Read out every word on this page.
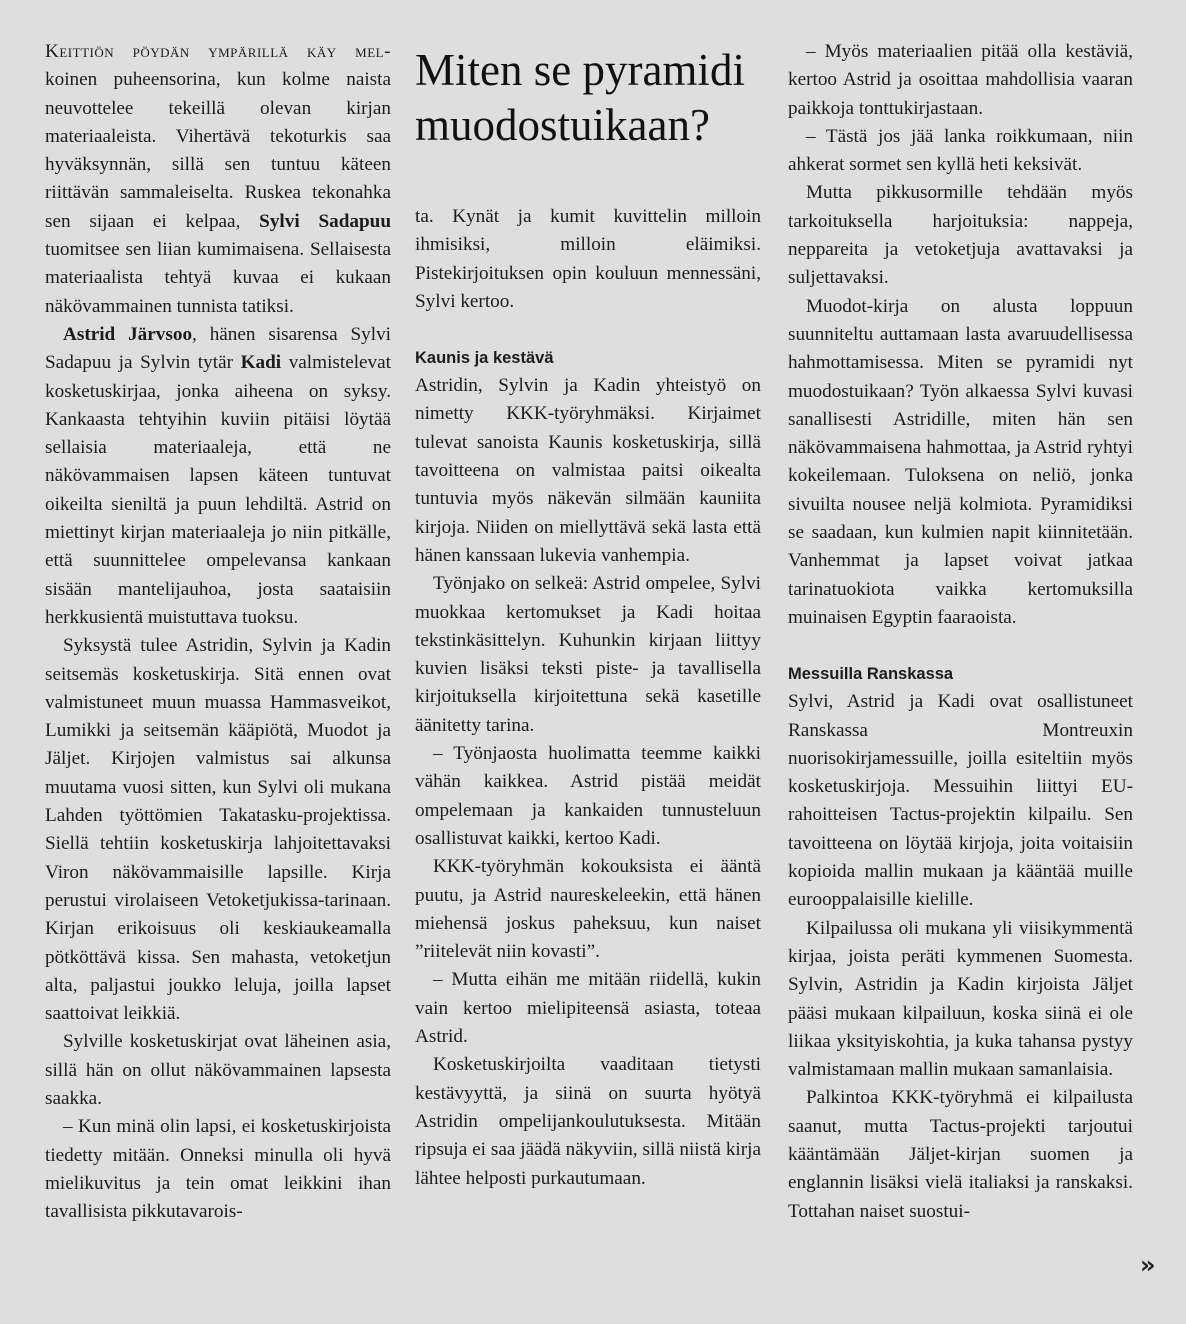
Keittiön pöydän ympärillä käy mel- koinen puheensorina, kun kolme naista neuvottelee tekeillä olevan kirjan materiaaleista. Vihertävä tekoturkis saa hyväksynnän, sillä sen tuntuu käteen riittävän sammaleiselta. Ruskea tekonahka sen sijaan ei kelpaa, Sylvi Sadapuu tuomitsee sen liian kumimaisena. Sellaisesta materiaalista tehtyä kuvaa ei kukaan näkövammainen tunnista tatiksi.

Astrid Järvsoo, hänen sisarensa Sylvi Sadapuu ja Sylvin tytär Kadi valmistelevat kosketuskirjaa, jonka aiheena on syksy. Kankaasta tehtyihin kuviin pitäisi löytää sellaisia materiaaleja, että ne näkövammaisen lapsen käteen tuntuvat oikeilta sieniltä ja puun lehdiltä. Astrid on miettinyt kirjan materiaaleja jo niin pitkälle, että suunnittelee ompelevansa kankaan sisään mantelijauhoa, josta saataisiin herkkusientä muistuttava tuoksu.

Syksystä tulee Astridin, Sylvin ja Kadin seitsemäs kosketuskirja. Sitä ennen ovat valmistuneet muun muassa Hammasveikot, Lumikki ja seitsemän kääpiötä, Muodot ja Jäljet. Kirjojen valmistus sai alkunsa muutama vuosi sitten, kun Sylvi oli mukana Lahden työttömien Takatasku-projektissa. Siellä tehtiin kosketuskirja lahjoitettavaksi Viron näkövammaisille lapsille. Kirja perustui virolaiseen Vetoketjukissa-tarinaan. Kirjan erikoisuus oli keskiaukeamalla pötköttävä kissa. Sen mahasta, vetoketjun alta, paljastui joukko leluja, joilla lapset saattoivat leikkiä.

Sylville kosketuskirjat ovat läheinen asia, sillä hän on ollut näkövammainen lapsesta saakka.

– Kun minä olin lapsi, ei kosketuskirjoista tiedetty mitään. Onneksi minulla oli hyvä mielikuvitus ja tein omat leikkini ihan tavallisista pikkutavarois-

Miten se pyramidi muodostuikaan?

ta. Kynät ja kumit kuvittelin milloin ihmisiksi, milloin eläimiksi. Pistekirjoituksen opin kouluun mennessäni, Sylvi kertoo.

Kaunis ja kestävä

Astridin, Sylvin ja Kadin yhteistyö on nimetty KKK-työryhmäksi. Kirjaimet tulevat sanoista Kaunis kosketuskirja, sillä tavoitteena on valmistaa paitsi oikealta tuntuvia myös näkevän silmään kauniita kirjoja. Niiden on miellyttävä sekä lasta että hänen kanssaan lukevia vanhempia.

Työnjako on selkeä: Astrid ompelee, Sylvi muokkaa kertomukset ja Kadi hoitaa tekstinkäsittelyn. Kuhunkin kirjaan liittyy kuvien lisäksi teksti piste- ja tavallisella kirjoituksella kirjoitettuna sekä kasetille äänitetty tarina.

– Työnjaosta huolimatta teemme kaikki vähän kaikkea. Astrid pistää meidät ompelemaan ja kankaiden tunnusteluun osallistuvat kaikki, kertoo Kadi.

KKK-työryhmän kokouksista ei ääntä puutu, ja Astrid naureskeleekin, että hänen miehensä joskus paheksuu, kun naiset ”riitelevät niin kovasti”.

– Mutta eihän me mitään riidellä, kukin vain kertoo mielipiteensä asiasta, toteaa Astrid.

Kosketuskirjoilta vaaditaan tietysti kestävyyttä, ja siinä on suurta hyötyä Astridin ompelijankoulutuksesta. Mitään ripsuja ei saa jäädä näkyviin, sillä niistä kirja lähtee helposti purkautumaan.

– Myös materiaalien pitää olla kestäviä, kertoo Astrid ja osoittaa mahdollisia vaaran paikkoja tonttukirjastaan.

– Tästä jos jää lanka roikkumaan, niin ahkerat sormet sen kyllä heti keksivät.

Mutta pikkusormille tehdään myös tarkoituksella harjoituksia: nappeja, neppareita ja vetoketjuja avattavaksi ja suljettavaksi.

Muodot-kirja on alusta loppuun suunniteltu auttamaan lasta avaruudellisessa hahmottamisessa. Miten se pyramidi nyt muodostuikaan? Työn alkaessa Sylvi kuvasi sanallisesti Astridille, miten hän sen näkövammaisena hahmottaa, ja Astrid ryhtyi kokeilemaan. Tuloksena on neliö, jonka sivuilta nousee neljä kolmiota. Pyramidiksi se saadaan, kun kulmien napit kiinnitetään. Vanhemmat ja lapset voivat jatkaa tarinatuokiota vaikka kertomuksilla muinaisen Egyptin faaraoista.

Messuilla Ranskassa

Sylvi, Astrid ja Kadi ovat osallistuneet Ranskassa Montreuxin nuorisokirjamessuille, joilla esiteltiin myös kosketuskirjoja. Messuihin liittyi EU-rahoitteisen Tactus-projektin kilpailu. Sen tavoitteena on löytää kirjoja, joita voitaisiin kopioida mallin mukaan ja kääntää muille eurooppalaisille kielille.

Kilpailussa oli mukana yli viisikymmentä kirjaa, joista peräti kymmenen Suomesta. Sylvin, Astridin ja Kadin kirjoista Jäljet pääsi mukaan kilpailuun, koska siinä ei ole liikaa yksityiskohtia, ja kuka tahansa pystyy valmistamaan mallin mukaan samanlaisia.

Palkintoa KKK-työryhmä ei kilpailusta saanut, mutta Tactus-projekti tarjoutui kääntämään Jäljet-kirjan suomen ja englannin lisäksi vielä italiaksi ja ranskaksi. Tottahan naiset suostui-

»
